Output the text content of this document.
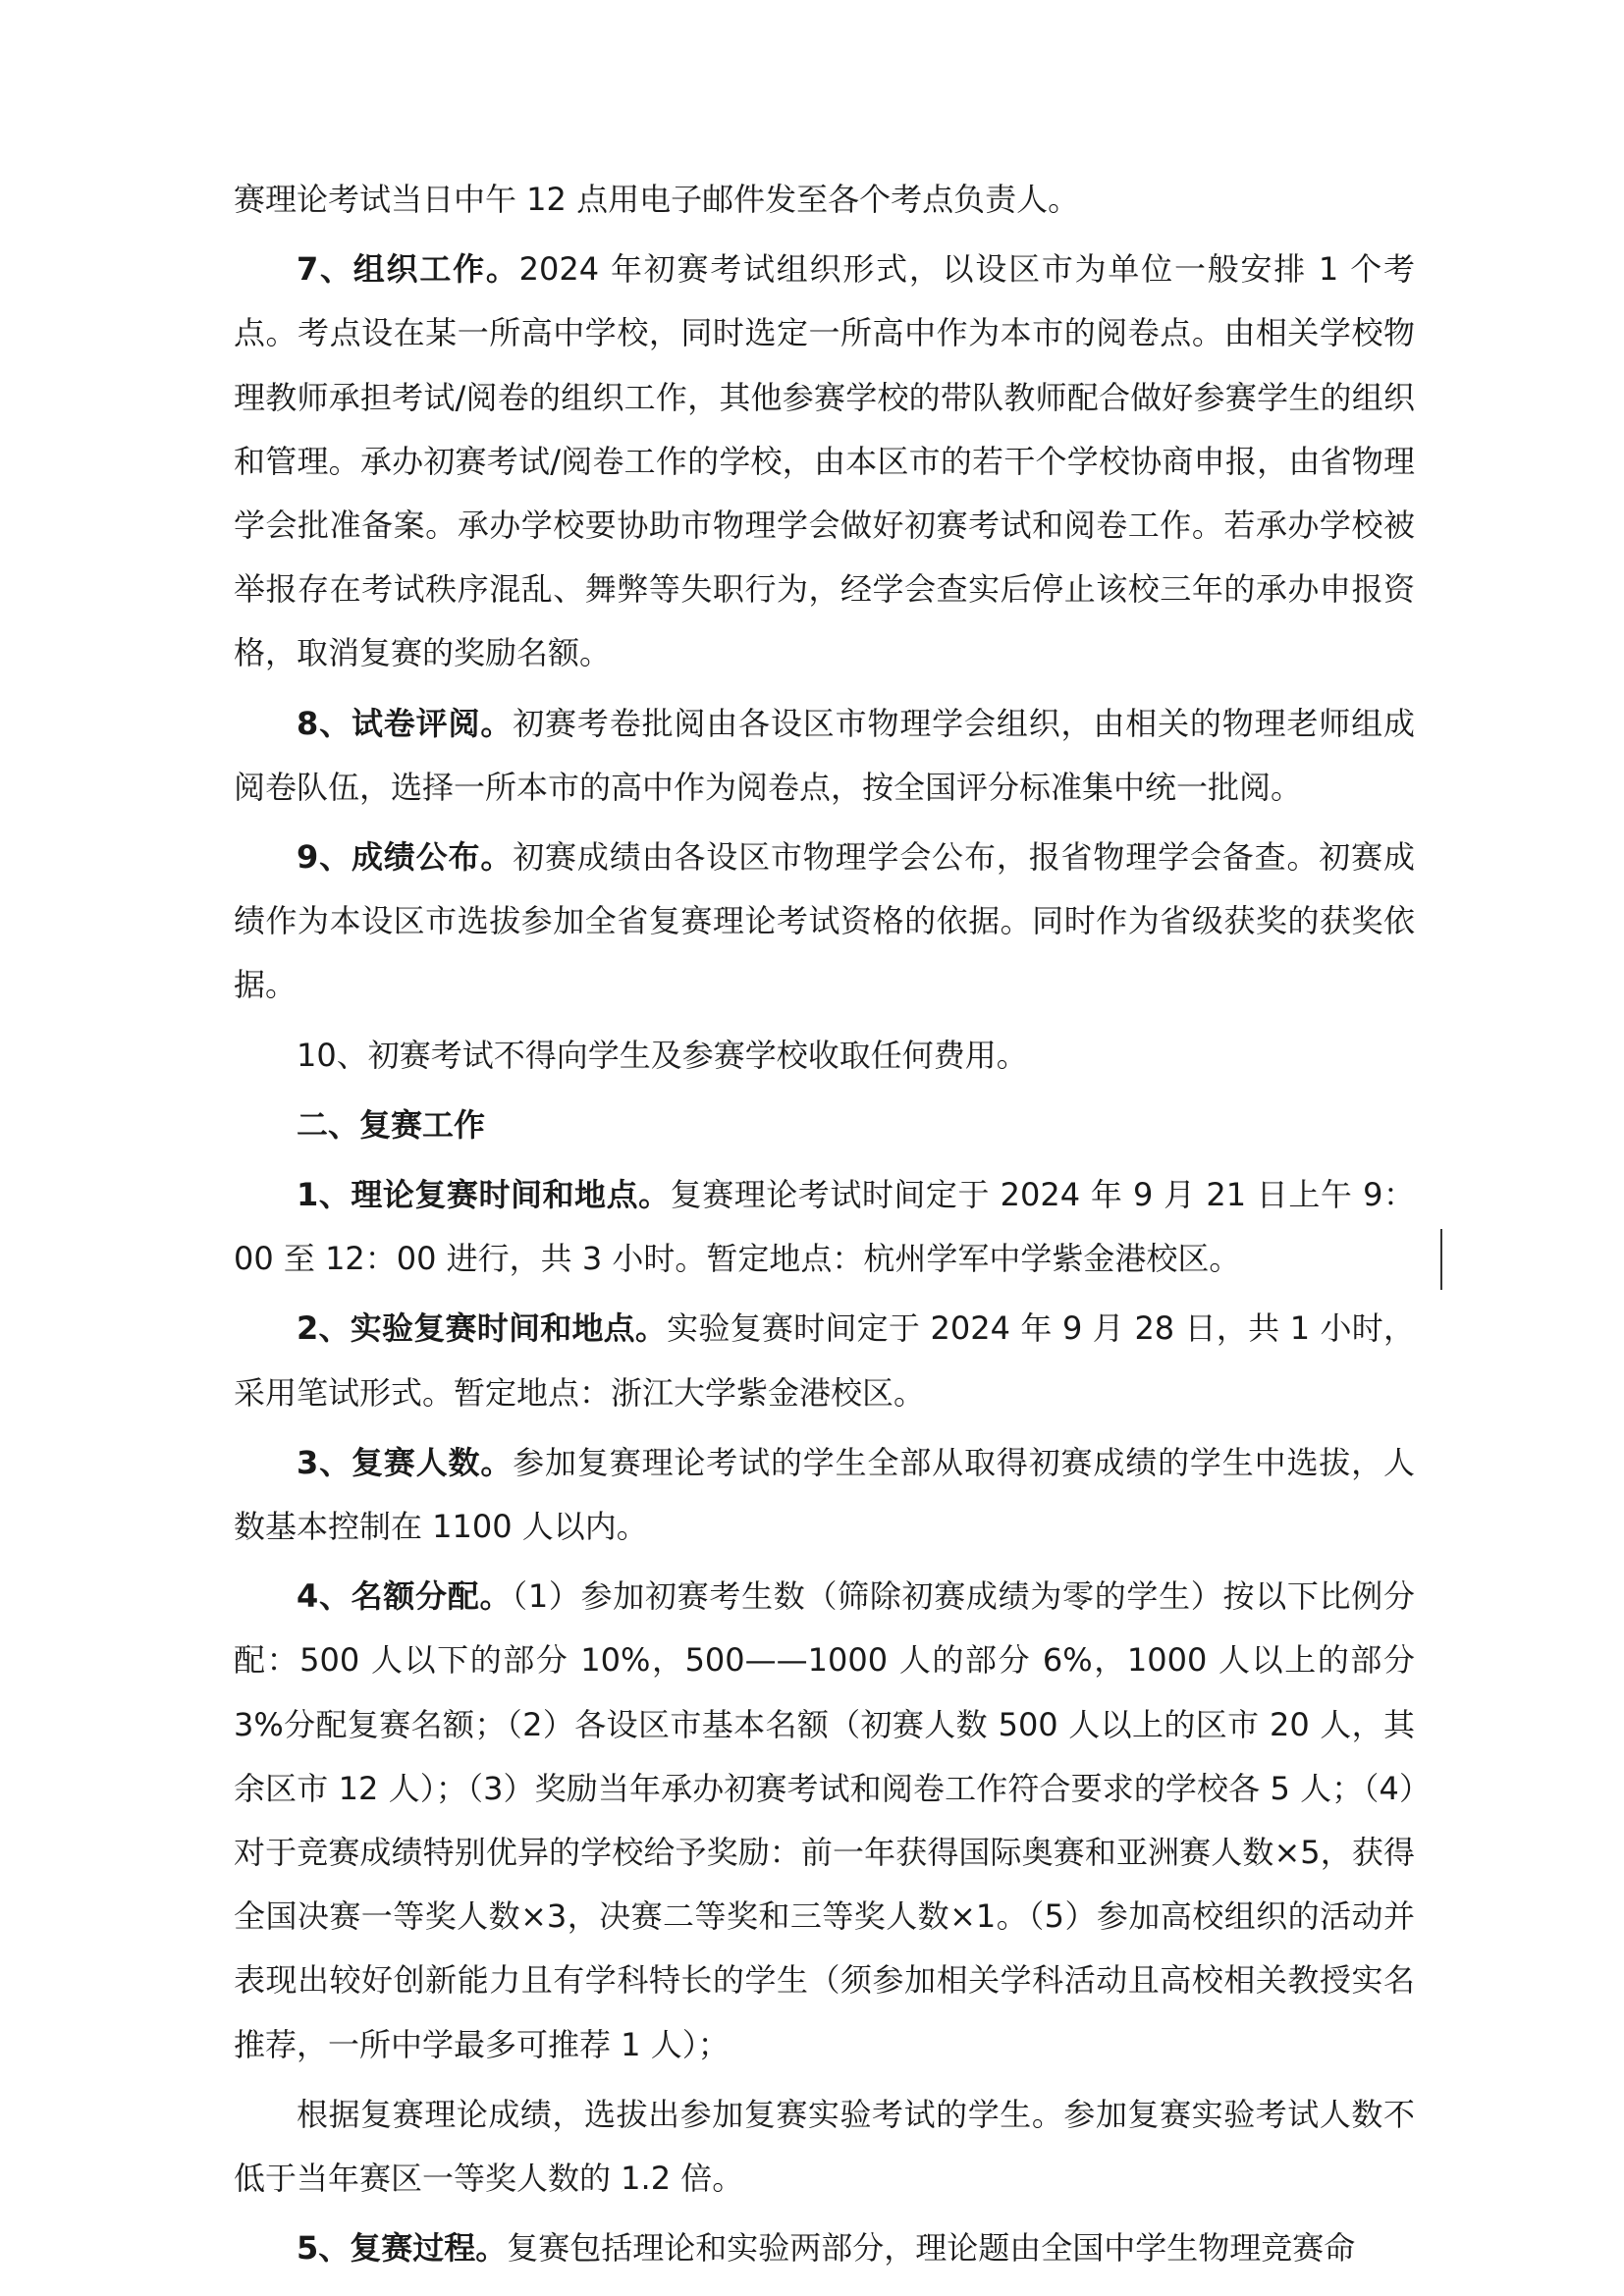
赛理论考试当日中午 12 点用电子邮件发至各个考点负责人。

7、组织工作。2024 年初赛考试组织形式，以设区市为单位一般安排 1 个考点。考点设在某一所高中学校，同时选定一所高中作为本市的阅卷点。由相关学校物理教师承担考试/阅卷的组织工作，其他参赛学校的带队教师配合做好参赛学生的组织和管理。承办初赛考试/阅卷工作的学校，由本区市的若干个学校协商申报，由省物理学会批准备案。承办学校要协助市物理学会做好初赛考试和阅卷工作。若承办学校被举报存在考试秩序混乱、舞弊等失职行为，经学会查实后停止该校三年的承办申报资格，取消复赛的奖励名额。

8、试卷评阅。初赛考卷批阅由各设区市物理学会组织，由相关的物理老师组成阅卷队伍，选择一所本市的高中作为阅卷点，按全国评分标准集中统一批阅。

9、成绩公布。初赛成绩由各设区市物理学会公布，报省物理学会备查。初赛成绩作为本设区市选拔参加全省复赛理论考试资格的依据。同时作为省级获奖的获奖依据。

10、初赛考试不得向学生及参赛学校收取任何费用。

二、复赛工作

1、理论复赛时间和地点。复赛理论考试时间定于 2024 年 9 月 21 日上午 9：00 至 12：00 进行，共 3 小时。暂定地点：杭州学军中学紫金港校区。

2、实验复赛时间和地点。实验复赛时间定于 2024 年 9 月 28 日，共 1 小时，采用笔试形式。暂定地点：浙江大学紫金港校区。

3、复赛人数。参加复赛理论考试的学生全部从取得初赛成绩的学生中选拔，人数基本控制在 1100 人以内。

4、名额分配。（1）参加初赛考生数（筛除初赛成绩为零的学生）按以下比例分配：500 人以下的部分 10%，500——1000 人的部分 6%，1000 人以上的部分 3%分配复赛名额；（2）各设区市基本名额（初赛人数 500 人以上的区市 20 人，其余区市 12 人）；（3）奖励当年承办初赛考试和阅卷工作符合要求的学校各 5 人；（4）对于竞赛成绩特别优异的学校给予奖励：前一年获得国际奥赛和亚洲赛人数×5，获得全国决赛一等奖人数×3，决赛二等奖和三等奖人数×1。（5）参加高校组织的活动并表现出较好创新能力且有学科特长的学生（须参加相关学科活动且高校相关教授实名推荐，一所中学最多可推荐 1 人）；

根据复赛理论成绩，选拔出参加复赛实验考试的学生。参加复赛实验考试人数不低于当年赛区一等奖人数的 1.2 倍。

5、复赛过程。复赛包括理论和实验两部分，理论题由全国中学生物理竞赛命
